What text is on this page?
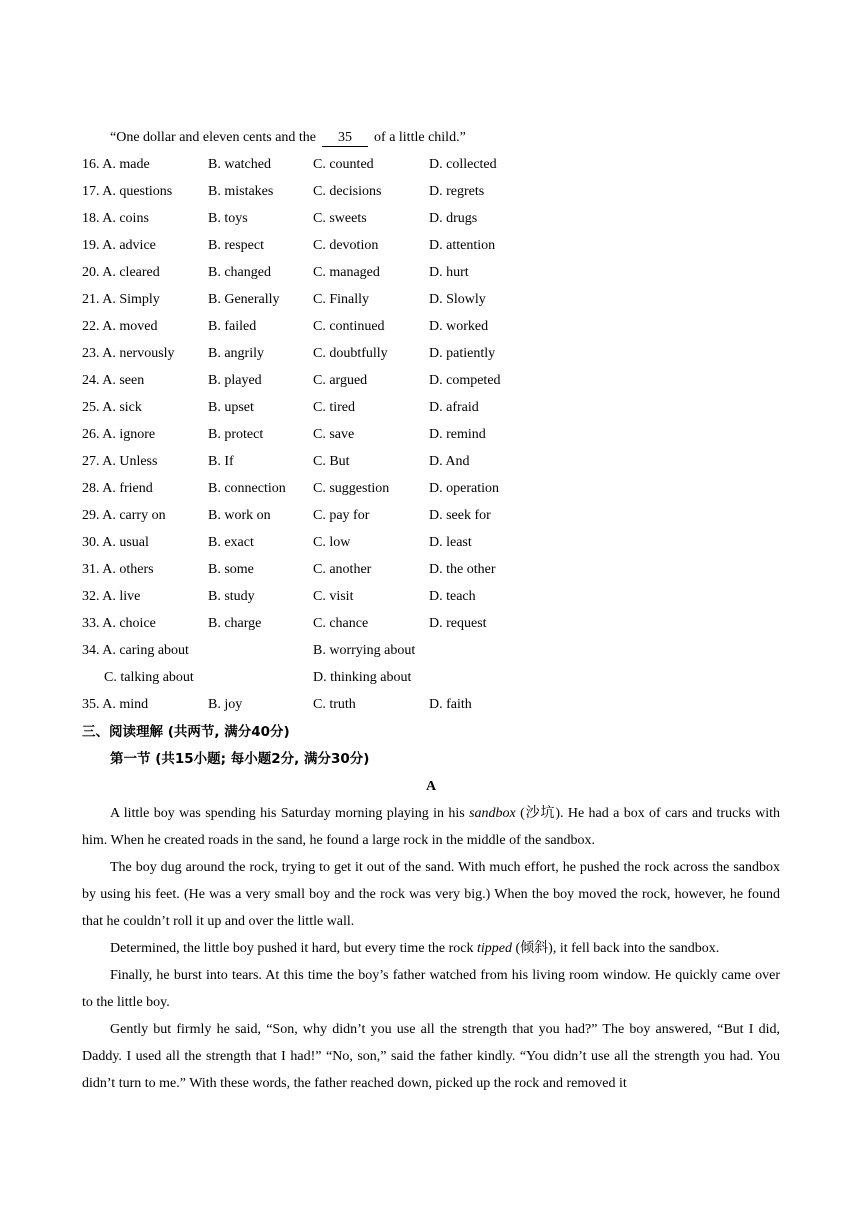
“One dollar and eleven cents and the 35 of a little child.”
16. A. made	B. watched	C. counted	D. collected
17. A. questions	B. mistakes	C. decisions	D. regrets
18. A. coins	B. toys	C. sweets	D. drugs
19. A. advice	B. respect	C. devotion	D. attention
20. A. cleared	B. changed	C. managed	D. hurt
21. A. Simply	B. Generally C. Finally	D. Slowly
22. A. moved	B. failed	C. continued	D. worked
23. A. nervously B. angrily	C. doubtfully	D. patiently
24. A. seen	B. played	C. argued	D. competed
25. A. sick	B. upset	C. tired	D. afraid
26. A. ignore	B. protect	C. save	D. remind
27. A. Unless	B. If	C. But	D. And
28. A. friend	B. connection C. suggestion	D. operation
29. A. carry on	B. work on	C. pay for	D. seek for
30. A. usual	B. exact	C. low	D. least
31. A. others	B. some	C. another	D. the other
32. A. live	B. study	C. visit	D. teach
33. A. choice	B. charge	C. chance	D. request
34. A. caring about	B. worrying about
C. talking about	D. thinking about
35. A. mind	B. joy	C. truth	D. faith
三、阅读理解 (共两节, 满分40分)
第一节 (共15小题; 每小题2分, 满分30分)
A

A little boy was spending his Saturday morning playing in his sandbox (沙坑). He had a box of cars and trucks with him. When he created roads in the sand, he found a large rock in the middle of the sandbox.

The boy dug around the rock, trying to get it out of the sand. With much effort, he pushed the rock across the sandbox by using his feet. (He was a very small boy and the rock was very big.) When the boy moved the rock, however, he found that he couldn’t roll it up and over the little wall.

Determined, the little boy pushed it hard, but every time the rock tipped (倾斜), it fell back into the sandbox.

Finally, he burst into tears. At this time the boy’s father watched from his living room window. He quickly came over to the little boy.

Gently but firmly he said, “Son, why didn’t you use all the strength that you had?” The boy answered, “But I did, Daddy. I used all the strength that I had!” “No, son,” said the father kindly. “You didn’t use all the strength you had. You didn’t turn to me.” With these words, the father reached down, picked up the rock and removed it
